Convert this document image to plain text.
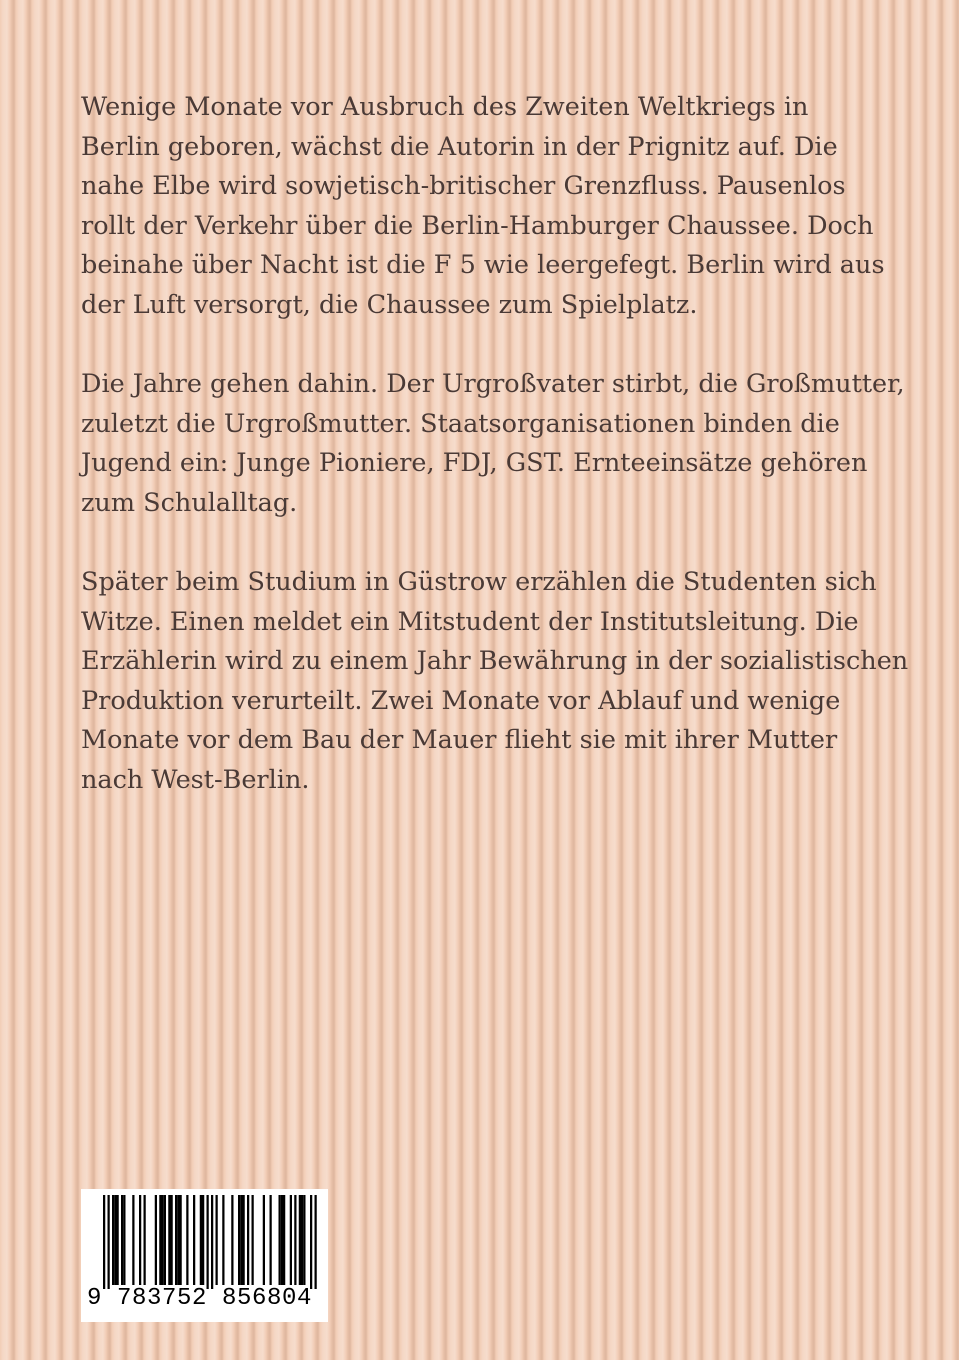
Wenige Monate vor Ausbruch des Zweiten Weltkriegs in
Berlin geboren, wächst die Autorin in der Prignitz auf. Die
nahe Elbe wird sowjetisch-britischer Grenzfluss. Pausenlos
rollt der Verkehr über die Berlin-Hamburger Chaussee. Doch
beinahe über Nacht ist die F 5 wie leergefegt. Berlin wird aus
der Luft versorgt, die Chaussee zum Spielplatz.

Die Jahre gehen dahin. Der Urgroßvater stirbt, die Großmutter,
zuletzt die Urgroßmutter. Staatsorganisationen binden die
Jugend ein: Junge Pioniere, FDJ, GST. Ernteeinsätze gehören
zum Schulalltag.

Später beim Studium in Güstrow erzählen die Studenten sich
Witze. Einen meldet ein Mitstudent der Institutsleitung. Die
Erzählerin wird zu einem Jahr Bewährung in der sozialistischen
Produktion verurteilt. Zwei Monate vor Ablauf und wenige
Monate vor dem Bau der Mauer flieht sie mit ihrer Mutter
nach West-Berlin.

9 783752 856804
